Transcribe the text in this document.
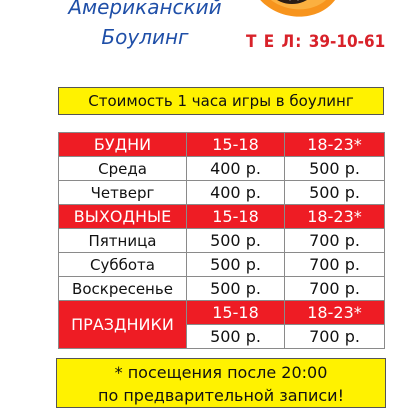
Американский
Боулинг	Т Е Л: 39-10-61
Стоимость 1 часа игры в боулинг
БУДНИ	15-18	18-23*
Среда	400 р.	500 р.
Четверг	400 р.	500 р.
ВЫХОДНЫЕ	15-18	18-23*
Пятница	500 р.	700 р.
Суббота	500 р.	700 р.
Воскресенье	500 р.	700 р.
ПРАЗДНИКИ	15-18	18-23*
	500 р.	700 р.
* посещения после 20:00
по предварительной записи!
